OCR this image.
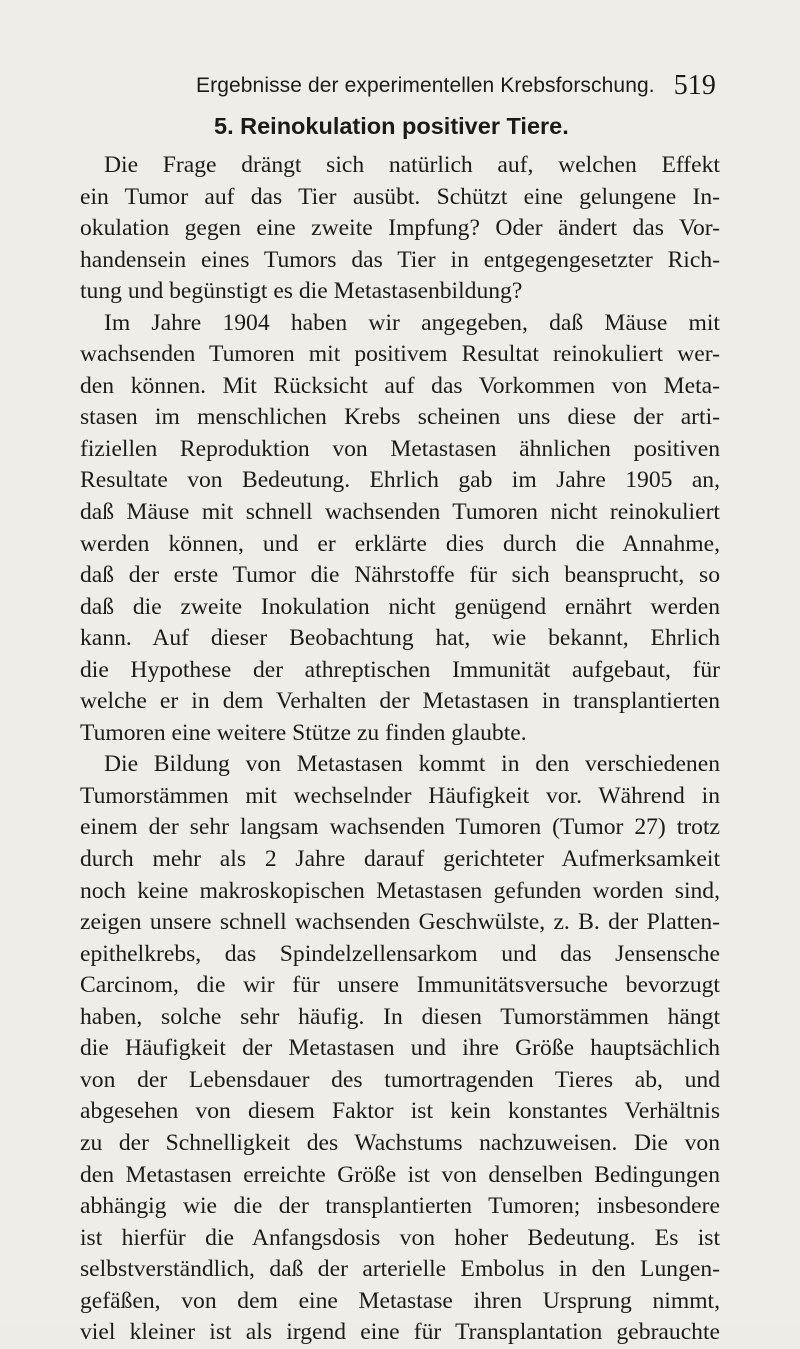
Ergebnisse der experimentellen Krebsforschung. 519
5. Reinokulation positiver Tiere.
Die Frage drängt sich natürlich auf, welchen Effekt
ein Tumor auf das Tier ausübt. Schützt eine gelungene In-
okulation gegen eine zweite Impfung? Oder ändert das Vor-
handensein eines Tumors das Tier in entgegengesetzter Rich-
tung und begünstigt es die Metastasenbildung?
Im Jahre 1904 haben wir angegeben, daß Mäuse mit
wachsenden Tumoren mit positivem Resultat reinokuliert wer-
den können. Mit Rücksicht auf das Vorkommen von Meta-
stasen im menschlichen Krebs scheinen uns diese der arti-
fiziellen Reproduktion von Metastasen ähnlichen positiven
Resultate von Bedeutung. Ehrlich gab im Jahre 1905 an,
daß Mäuse mit schnell wachsenden Tumoren nicht reinokuliert
werden können, und er erklärte dies durch die Annahme,
daß der erste Tumor die Nährstoffe für sich beansprucht, so
daß die zweite Inokulation nicht genügend ernährt werden
kann. Auf dieser Beobachtung hat, wie bekannt, Ehrlich
die Hypothese der athreptischen Immunität aufgebaut, für
welche er in dem Verhalten der Metastasen in transplantierten
Tumoren eine weitere Stütze zu finden glaubte.
Die Bildung von Metastasen kommt in den verschiedenen
Tumorstämmen mit wechselnder Häufigkeit vor. Während in
einem der sehr langsam wachsenden Tumoren (Tumor 27) trotz
durch mehr als 2 Jahre darauf gerichteter Aufmerksamkeit
noch keine makroskopischen Metastasen gefunden worden sind,
zeigen unsere schnell wachsenden Geschwülste, z. B. der Platten-
epithelkrebs, das Spindelzellensarkom und das Jensensche
Carcinom, die wir für unsere Immunitätsversuche bevorzugt
haben, solche sehr häufig. In diesen Tumorstämmen hängt
die Häufigkeit der Metastasen und ihre Größe hauptsächlich
von der Lebensdauer des tumortragenden Tieres ab, und
abgesehen von diesem Faktor ist kein konstantes Verhältnis
zu der Schnelligkeit des Wachstums nachzuweisen. Die von
den Metastasen erreichte Größe ist von denselben Bedingungen
abhängig wie die der transplantierten Tumoren; insbesondere
ist hierfür die Anfangsdosis von hoher Bedeutung. Es ist
selbstverständlich, daß der arterielle Embolus in den Lungen-
gefäßen, von dem eine Metastase ihren Ursprung nimmt,
viel kleiner ist als irgend eine für Transplantation gebrauchte
